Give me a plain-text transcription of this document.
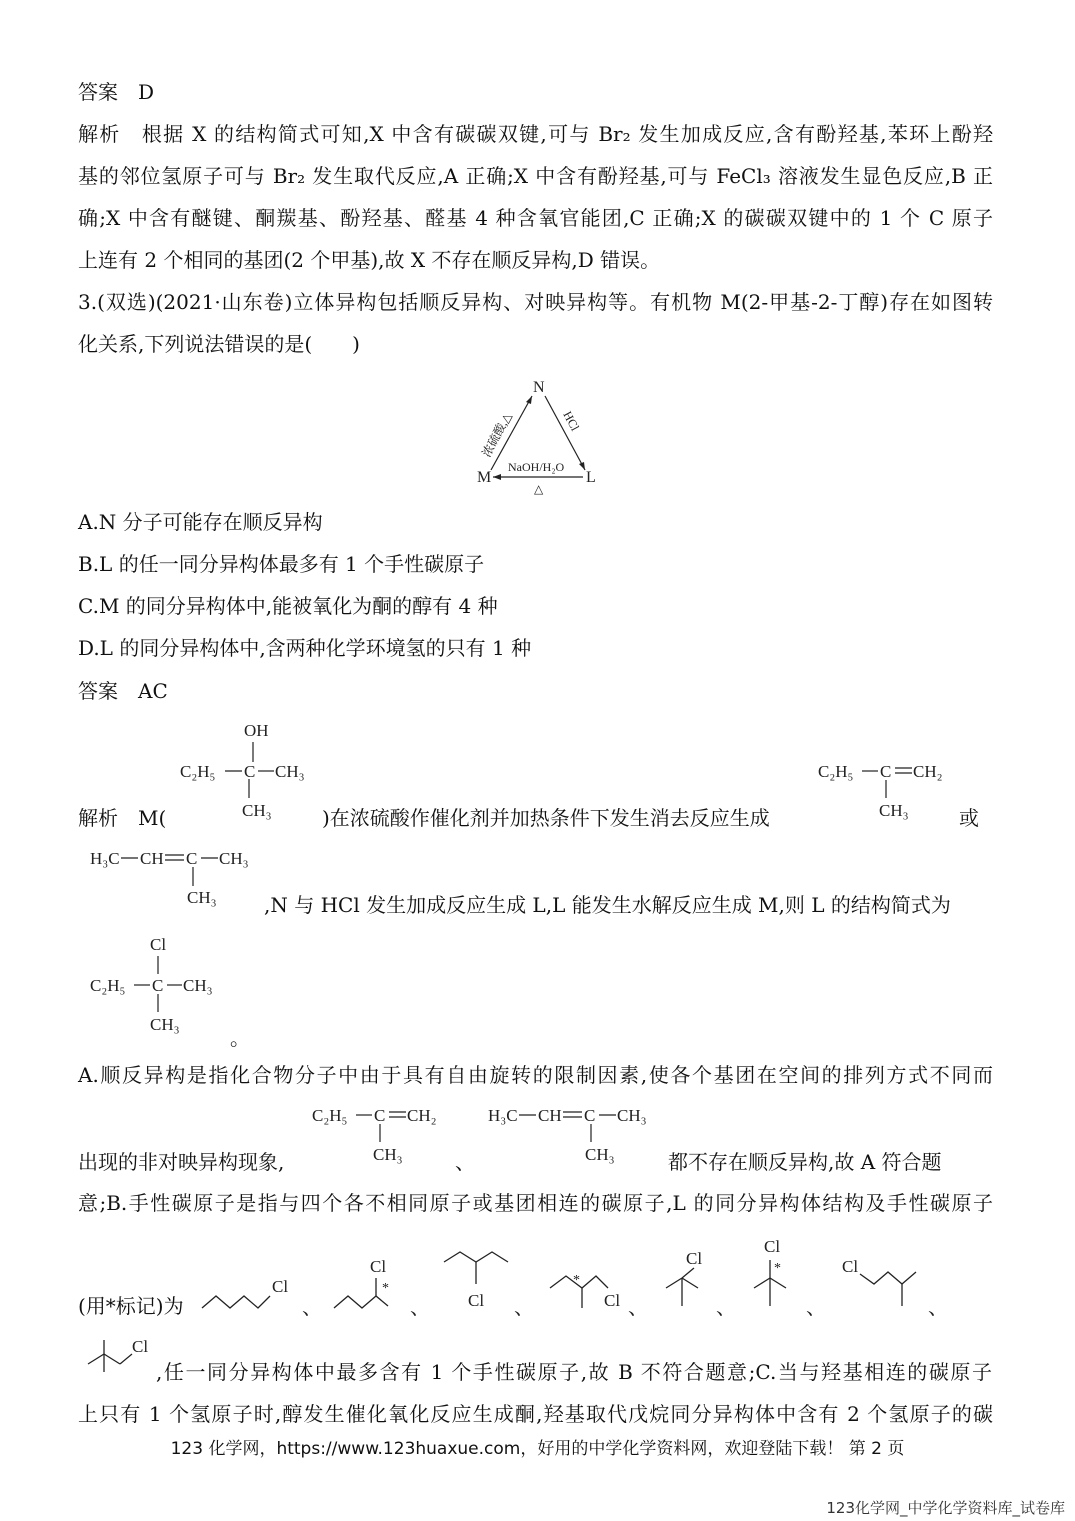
答案　D
解析　根据 X 的结构简式可知,X 中含有碳碳双键,可与 Br₂ 发生加成反应,含有酚羟基,苯环上酚羟
基的邻位氢原子可与 Br₂ 发生取代反应,A 正确;X 中含有酚羟基,可与 FeCl₃ 溶液发生显色反应,B 正
确;X 中含有醚键、酮羰基、酚羟基、醛基 4 种含氧官能团,C 正确;X 的碳碳双键中的 1 个 C 原子
上连有 2 个相同的基团(2 个甲基),故 X 不存在顺反异构,D 错误。
3.(双选)(2021·山东卷)立体异构包括顺反异构、对映异构等。有机物 M(2-甲基-2-丁醇)存在如图转
化关系,下列说法错误的是(　　)
N
M	L
浓硫酸,△	HCl
NaOH/H₂O
△
A.N 分子可能存在顺反异构
B.L 的任一同分异构体最多有 1 个手性碳原子
C.M 的同分异构体中,能被氧化为酮的醇有 4 种
D.L 的同分异构体中,含两种化学环境氢的只有 1 种
答案　AC
解析　M(
OH
C₂H₅ C CH₃
CH₃	)在浓硫酸作催化剂并加热条件下发生消去反应生成
C₂H₅ C CH₂
CH₃	或
H₃C CH C CH₃
CH₃ ,N 与 HCl 发生加成反应生成 L,L 能发生水解反应生成 M,则 L 的结构简式为
Cl
C₂H₅ C CH₃
CH₃
。
A.顺反异构是指化合物分子中由于具有自由旋转的限制因素,使各个基团在空间的排列方式不同而
出现的非对映异构现象,
C₂H₅ C CH₂
CH₃	、
H₃C CH C CH₃
CH₃	都不存在顺反异构,故 A 符合题
意;B.手性碳原子是指与四个各不相同原子或基团相连的碳原子,L 的同分异构体结构及手性碳原子
(用*标记)为
Cl
、
Cl
*
、 Cl 、
*
Cl 、
Cl
、
Cl
*
、
Cl
、
Cl
,任一同分异构体中最多含有 1 个手性碳原子,故 B 不符合题意;C.当与羟基相连的碳原子
上只有 1 个氢原子时,醇发生催化氧化反应生成酮,羟基取代戊烷同分异构体中含有 2 个氢原子的碳
123 化学网，https://www.123huaxue.com，好用的中学化学资料网，欢迎登陆下载！ 第 2 页
123化学网_中学化学资料库_试卷库
